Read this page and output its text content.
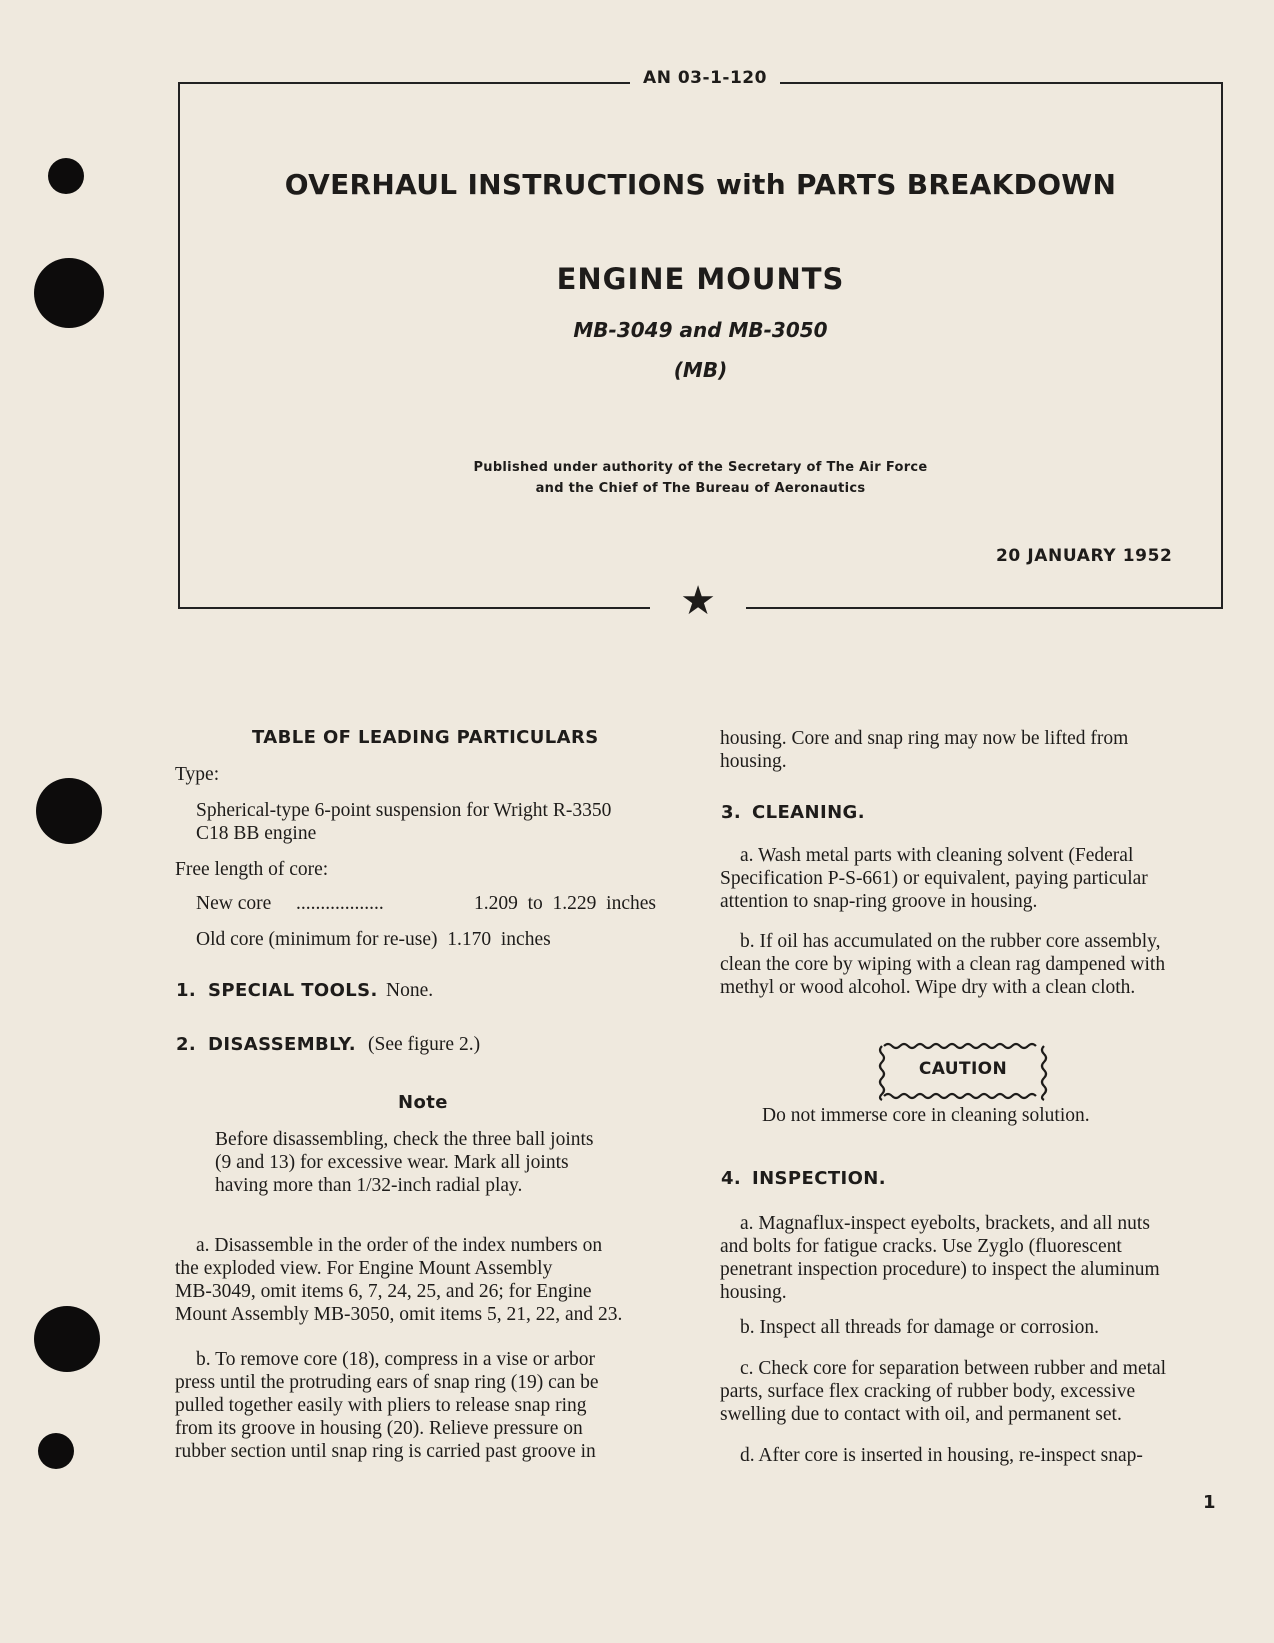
AN 03-1-120
★
OVERHAUL INSTRUCTIONS with PARTS BREAKDOWN
ENGINE MOUNTS
MB-3049 and MB-3050
(MB)
Published under authority of the Secretary of The Air Force
and the Chief of The Bureau of Aeronautics
20 JANUARY 1952
TABLE OF LEADING PARTICULARS
Type:
Spherical-type 6-point suspension for Wright R-3350
C18 BB engine
Free length of core:
New core ..................	1.209  to  1.229  inches
Old core (minimum for re-use)  1.170  inches
1. SPECIAL TOOLS. None.
2. DISASSEMBLY. (See figure 2.)
Note
Before disassembling, check the three ball joints
(9 and 13) for excessive wear. Mark all joints
having more than 1/32-inch radial play.
a. Disassemble in the order of the index numbers on
the exploded view. For Engine Mount Assembly
MB-3049, omit items 6, 7, 24, 25, and 26; for Engine
Mount Assembly MB-3050, omit items 5, 21, 22, and 23.
b. To remove core (18), compress in a vise or arbor
press until the protruding ears of snap ring (19) can be
pulled together easily with pliers to release snap ring
from its groove in housing (20). Relieve pressure on
rubber section until snap ring is carried past groove in
housing. Core and snap ring may now be lifted from
housing.
3. CLEANING.
a. Wash metal parts with cleaning solvent (Federal
Specification P-S-661) or equivalent, paying particular
attention to snap-ring groove in housing.
b. If oil has accumulated on the rubber core assembly,
clean the core by wiping with a clean rag dampened with
methyl or wood alcohol. Wipe dry with a clean cloth.
CAUTION
Do not immerse core in cleaning solution.
4. INSPECTION.
a. Magnaflux-inspect eyebolts, brackets, and all nuts
and bolts for fatigue cracks. Use Zyglo (fluorescent
penetrant inspection procedure) to inspect the aluminum
housing.
b. Inspect all threads for damage or corrosion.
c. Check core for separation between rubber and metal
parts, surface flex cracking of rubber body, excessive
swelling due to contact with oil, and permanent set.
d. After core is inserted in housing, re-inspect snap-
1
